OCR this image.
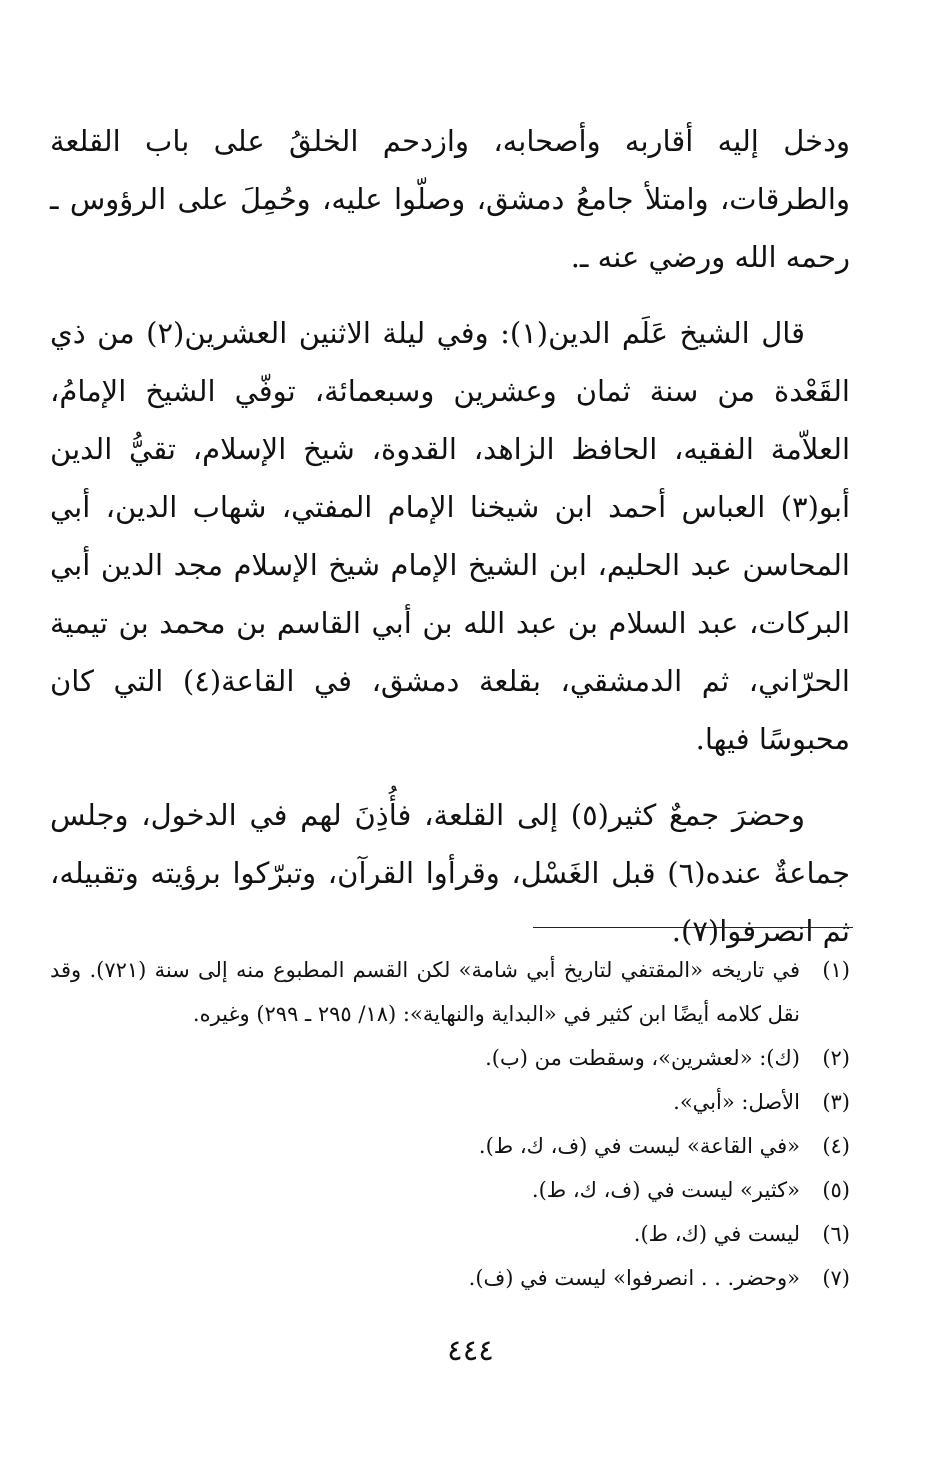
ودخل إليه أقاربه وأصحابه، وازدحم الخلقُ على باب القلعة والطرقات، وامتلأ جامعُ دمشق، وصلّوا عليه، وحُمِلَ على الرؤوس ـ رحمه الله ورضي عنه ـ.

قال الشيخ عَلَم الدين(١): وفي ليلة الاثنين العشرين(٢) من ذي القَعْدة من سنة ثمان وعشرين وسبعمائة، توفّي الشيخ الإمامُ، العلاّمة الفقيه، الحافظ الزاهد، القدوة، شيخ الإسلام، تقيُّ الدين أبو(٣) العباس أحمد ابن شيخنا الإمام المفتي، شهاب الدين، أبي المحاسن عبد الحليم، ابن الشيخ الإمام شيخ الإسلام مجد الدين أبي البركات، عبد السلام بن عبد الله بن أبي القاسم بن محمد بن تيمية الحرّاني، ثم الدمشقي، بقلعة دمشق، في القاعة(٤) التي كان محبوسًا فيها.

وحضرَ جمعٌ كثير(٥) إلى القلعة، فأُذِنَ لهم في الدخول، وجلس جماعةٌ عنده(٦) قبل الغَسْل، وقرأوا القرآن، وتبرّكوا برؤيته وتقبيله، ثم انصرفوا(٧).

(١)
في تاريخه «المقتفي لتاريخ أبي شامة» لكن القسم المطبوع منه إلى سنة (٧٢١). وقد نقل كلامه أيضًا ابن كثير في «البداية والنهاية»: (١٨/ ٢٩٥ ـ ٢٩٩) وغيره.
(٢)
(ك): «لعشرين»، وسقطت من (ب).
(٣)
الأصل: «أبي».
(٤)
«في القاعة» ليست في (ف، ك، ط).
(٥)
«كثير» ليست في (ف، ك، ط).
(٦)
ليست في (ك، ط).
(٧)
«وحضر. . . انصرفوا» ليست في (ف).
٤٤٤
